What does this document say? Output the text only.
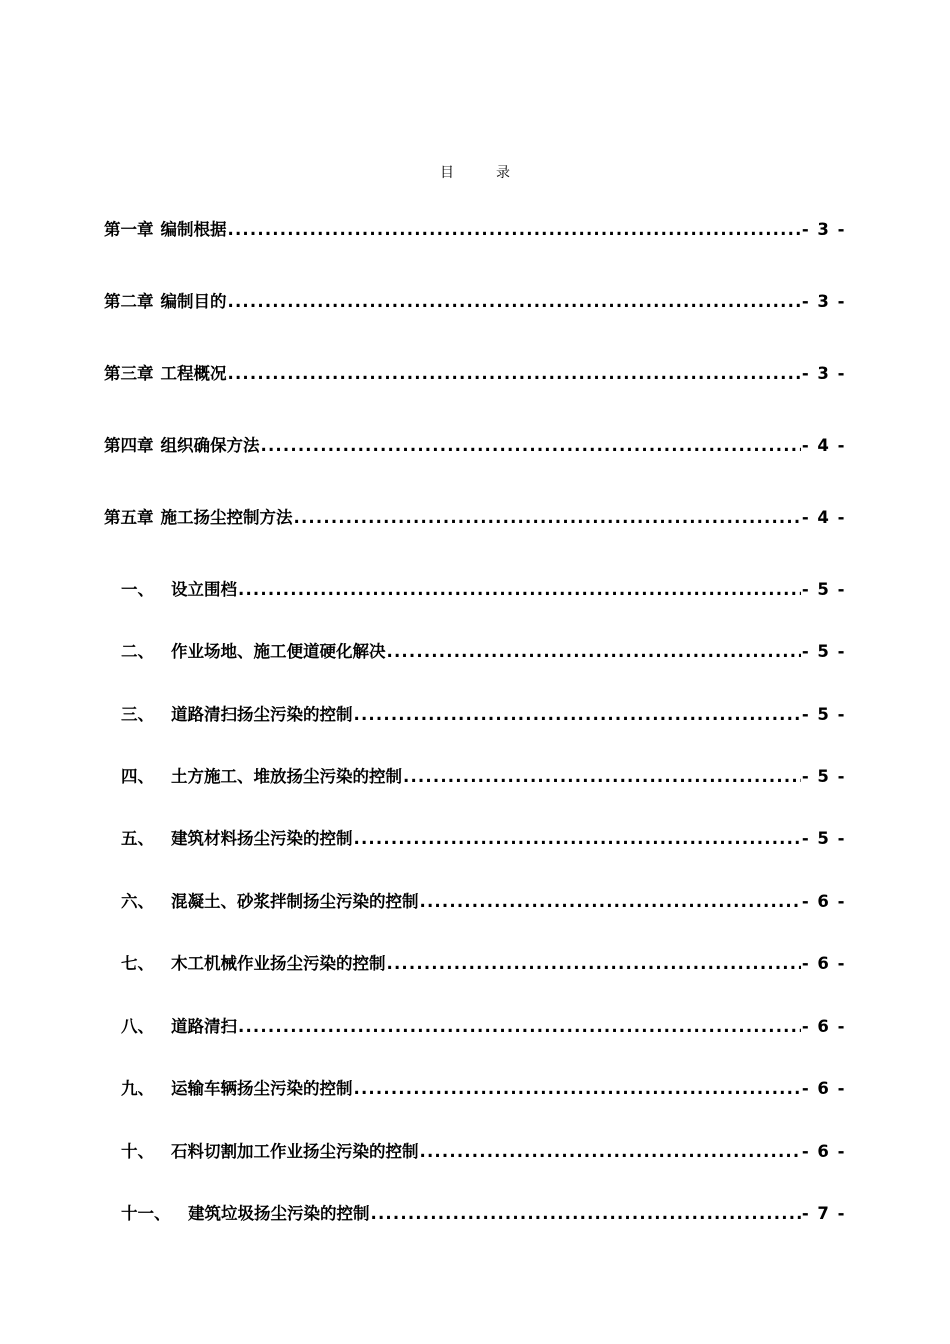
目　录
第一章 编制根据 .....	- 3 -
第二章 编制目的 .....	- 3 -
第三章 工程概况 .....	- 3 -
第四章 组织确保方法 .....	- 4 -
第五章 施工扬尘控制方法 .....	- 4 -
一、	设立围档 .....	- 5 -
二、	作业场地、施工便道硬化解决 .....	- 5 -
三、	道路清扫扬尘污染的控制 .....	- 5 -
四、	土方施工、堆放扬尘污染的控制 .....	- 5 -
五、	建筑材料扬尘污染的控制 .....	- 5 -
六、	混凝土、砂浆拌制扬尘污染的控制 .....	- 6 -
七、	木工机械作业扬尘污染的控制 .....	- 6 -
八、	道路清扫 .....	- 6 -
九、	运输车辆扬尘污染的控制 .....	- 6 -
十、	石料切割加工作业扬尘污染的控制 .....	- 6 -
十一、	建筑垃圾扬尘污染的控制 .....	- 7 -
